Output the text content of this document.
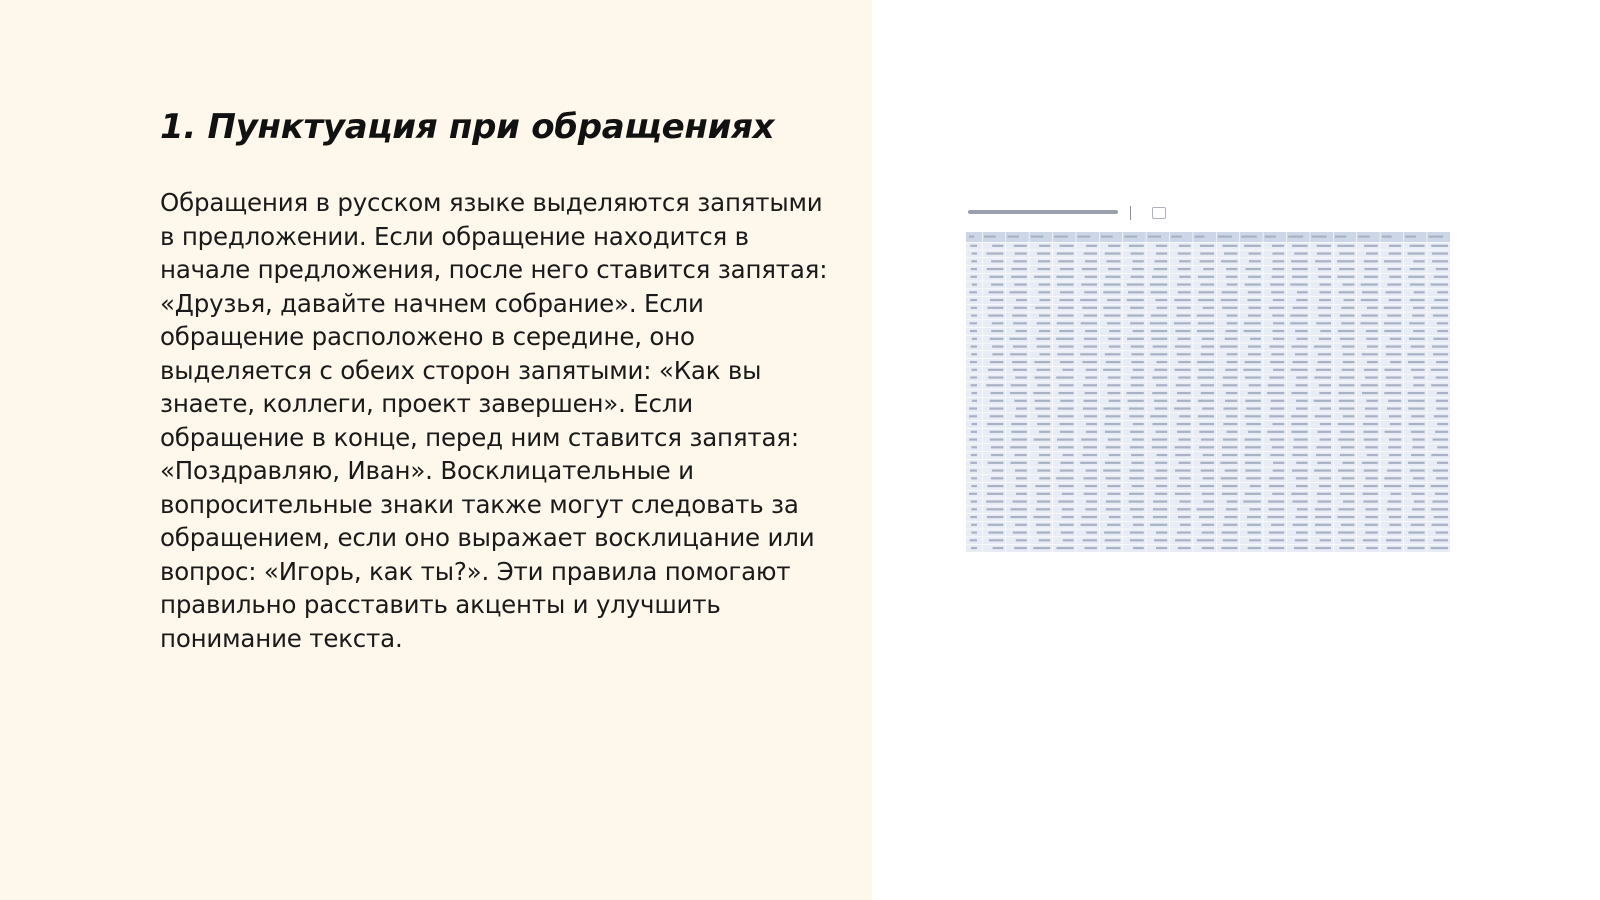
1. Пунктуация при обращениях

Обращения в русском языке выделяются запятыми в предложении. Если обращение находится в начале предложения, после него ставится запятая: «Друзья, давайте начнем собрание». Если обращение расположено в середине, оно выделяется с обеих сторон запятыми: «Как вы знаете, коллеги, проект завершен». Если обращение в конце, перед ним ставится запятая: «Поздравляю, Иван». Восклицательные и вопросительные знаки также могут следовать за обращением, если оно выражает восклицание или вопрос: «Игорь, как ты?». Эти правила помогают правильно расставить акценты и улучшить понимание текста.
